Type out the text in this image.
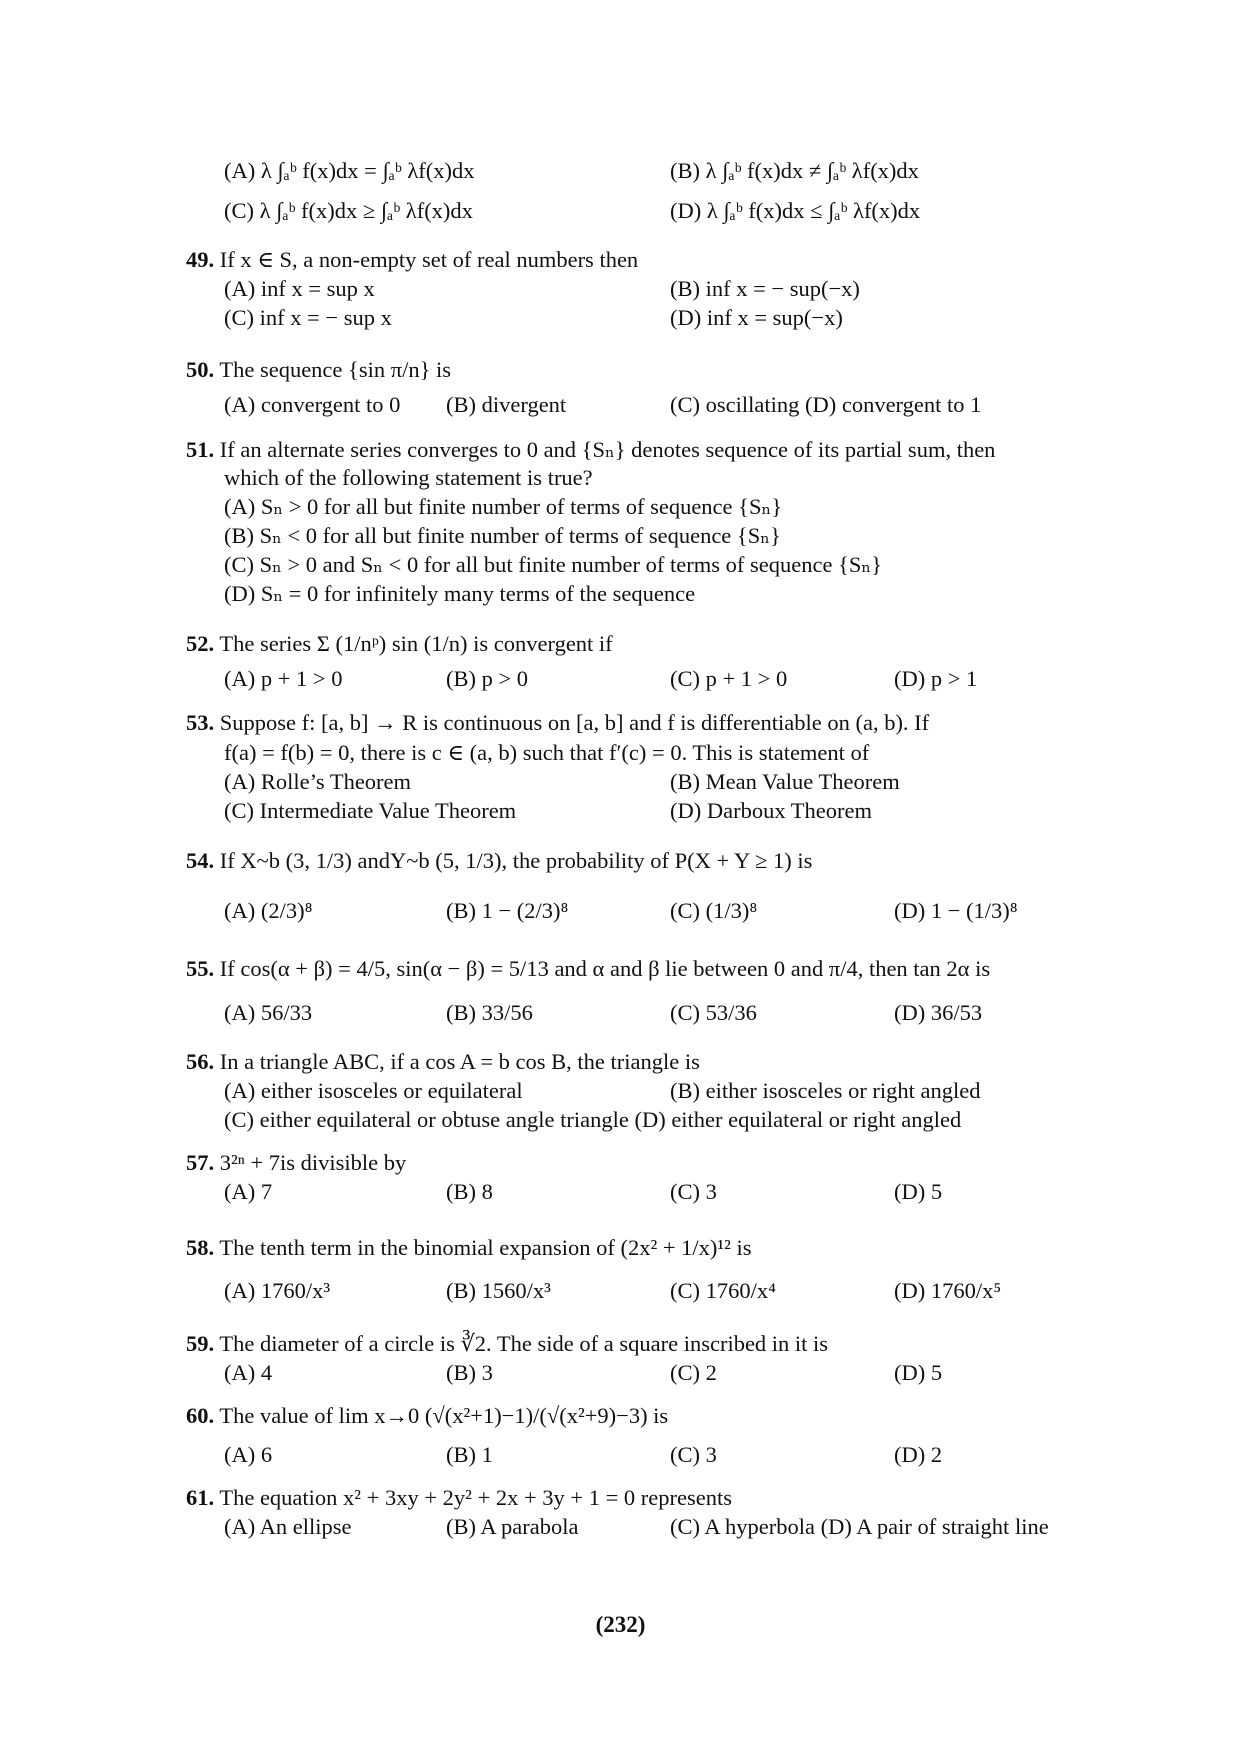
(A) λ ∫ₐᵇ f(x)dx = ∫ₐᵇ λf(x)dx	(B) λ ∫ₐᵇ f(x)dx ≠ ∫ₐᵇ λf(x)dx
(C) λ ∫ₐᵇ f(x)dx ≥ ∫ₐᵇ λf(x)dx	(D) λ ∫ₐᵇ f(x)dx ≤ ∫ₐᵇ λf(x)dx
49. If x ∈ S, a non-empty set of real numbers then
(A) inf x = sup x	(B) inf x = − sup(−x)
(C) inf x = − sup x	(D) inf x = sup(−x)
50. The sequence {sin π/n} is
(A) convergent to 0 (B) divergent	(C) oscillating (D) convergent to 1
51. If an alternate series converges to 0 and {Sₙ} denotes sequence of its partial sum, then
which of the following statement is true?
(A) Sₙ > 0 for all but finite number of terms of sequence {Sₙ}
(B) Sₙ < 0 for all but finite number of terms of sequence {Sₙ}
(C) Sₙ > 0 and Sₙ < 0 for all but finite number of terms of sequence {Sₙ}
(D) Sₙ = 0 for infinitely many terms of the sequence
52. The series Σ (1/nᵖ) sin (1/n) is convergent if
(A) p + 1 > 0	(B) p > 0	(C) p + 1 > 0	(D) p > 1
53. Suppose f: [a, b] → R is continuous on [a, b] and f is differentiable on (a, b). If
f(a) = f(b) = 0, there is c ∈ (a, b) such that f′(c) = 0. This is statement of
(A) Rolle’s Theorem	(B) Mean Value Theorem
(C) Intermediate Value Theorem	(D) Darboux Theorem
54. If X~b (3, 1/3) andY~b (5, 1/3), the probability of P(X + Y ≥ 1) is
(A) (2/3)⁸	(B) 1 − (2/3)⁸	(C) (1/3)⁸	(D) 1 − (1/3)⁸
55. If cos(α + β) = 4/5, sin(α − β) = 5/13 and α and β lie between 0 and π/4, then tan 2α is
(A) 56/33	(B) 33/56	(C) 53/36	(D) 36/53
56. In a triangle ABC, if a cos A = b cos B, the triangle is
(A) either isosceles or equilateral	(B) either isosceles or right angled
(C) either equilateral or obtuse angle triangle (D) either equilateral or right angled
57. 3²ⁿ + 7is divisible by
(A) 7	(B) 8	(C) 3	(D) 5
58. The tenth term in the binomial expansion of (2x² + 1/x)¹² is
(A) 1760/x³	(B) 1560/x³	(C) 1760/x⁴	(D) 1760/x⁵
59. The diameter of a circle is ∛2. The side of a square inscribed in it is
(A) 4	(B) 3	(C) 2	(D) 5
60. The value of lim x→0 (√(x²+1)−1)/(√(x²+9)−3) is
(A) 6	(B) 1	(C) 3	(D) 2
61. The equation x² + 3xy + 2y² + 2x + 3y + 1 = 0 represents
(A) An ellipse	(B) A parabola	(C) A hyperbola (D) A pair of straight line
(232)
